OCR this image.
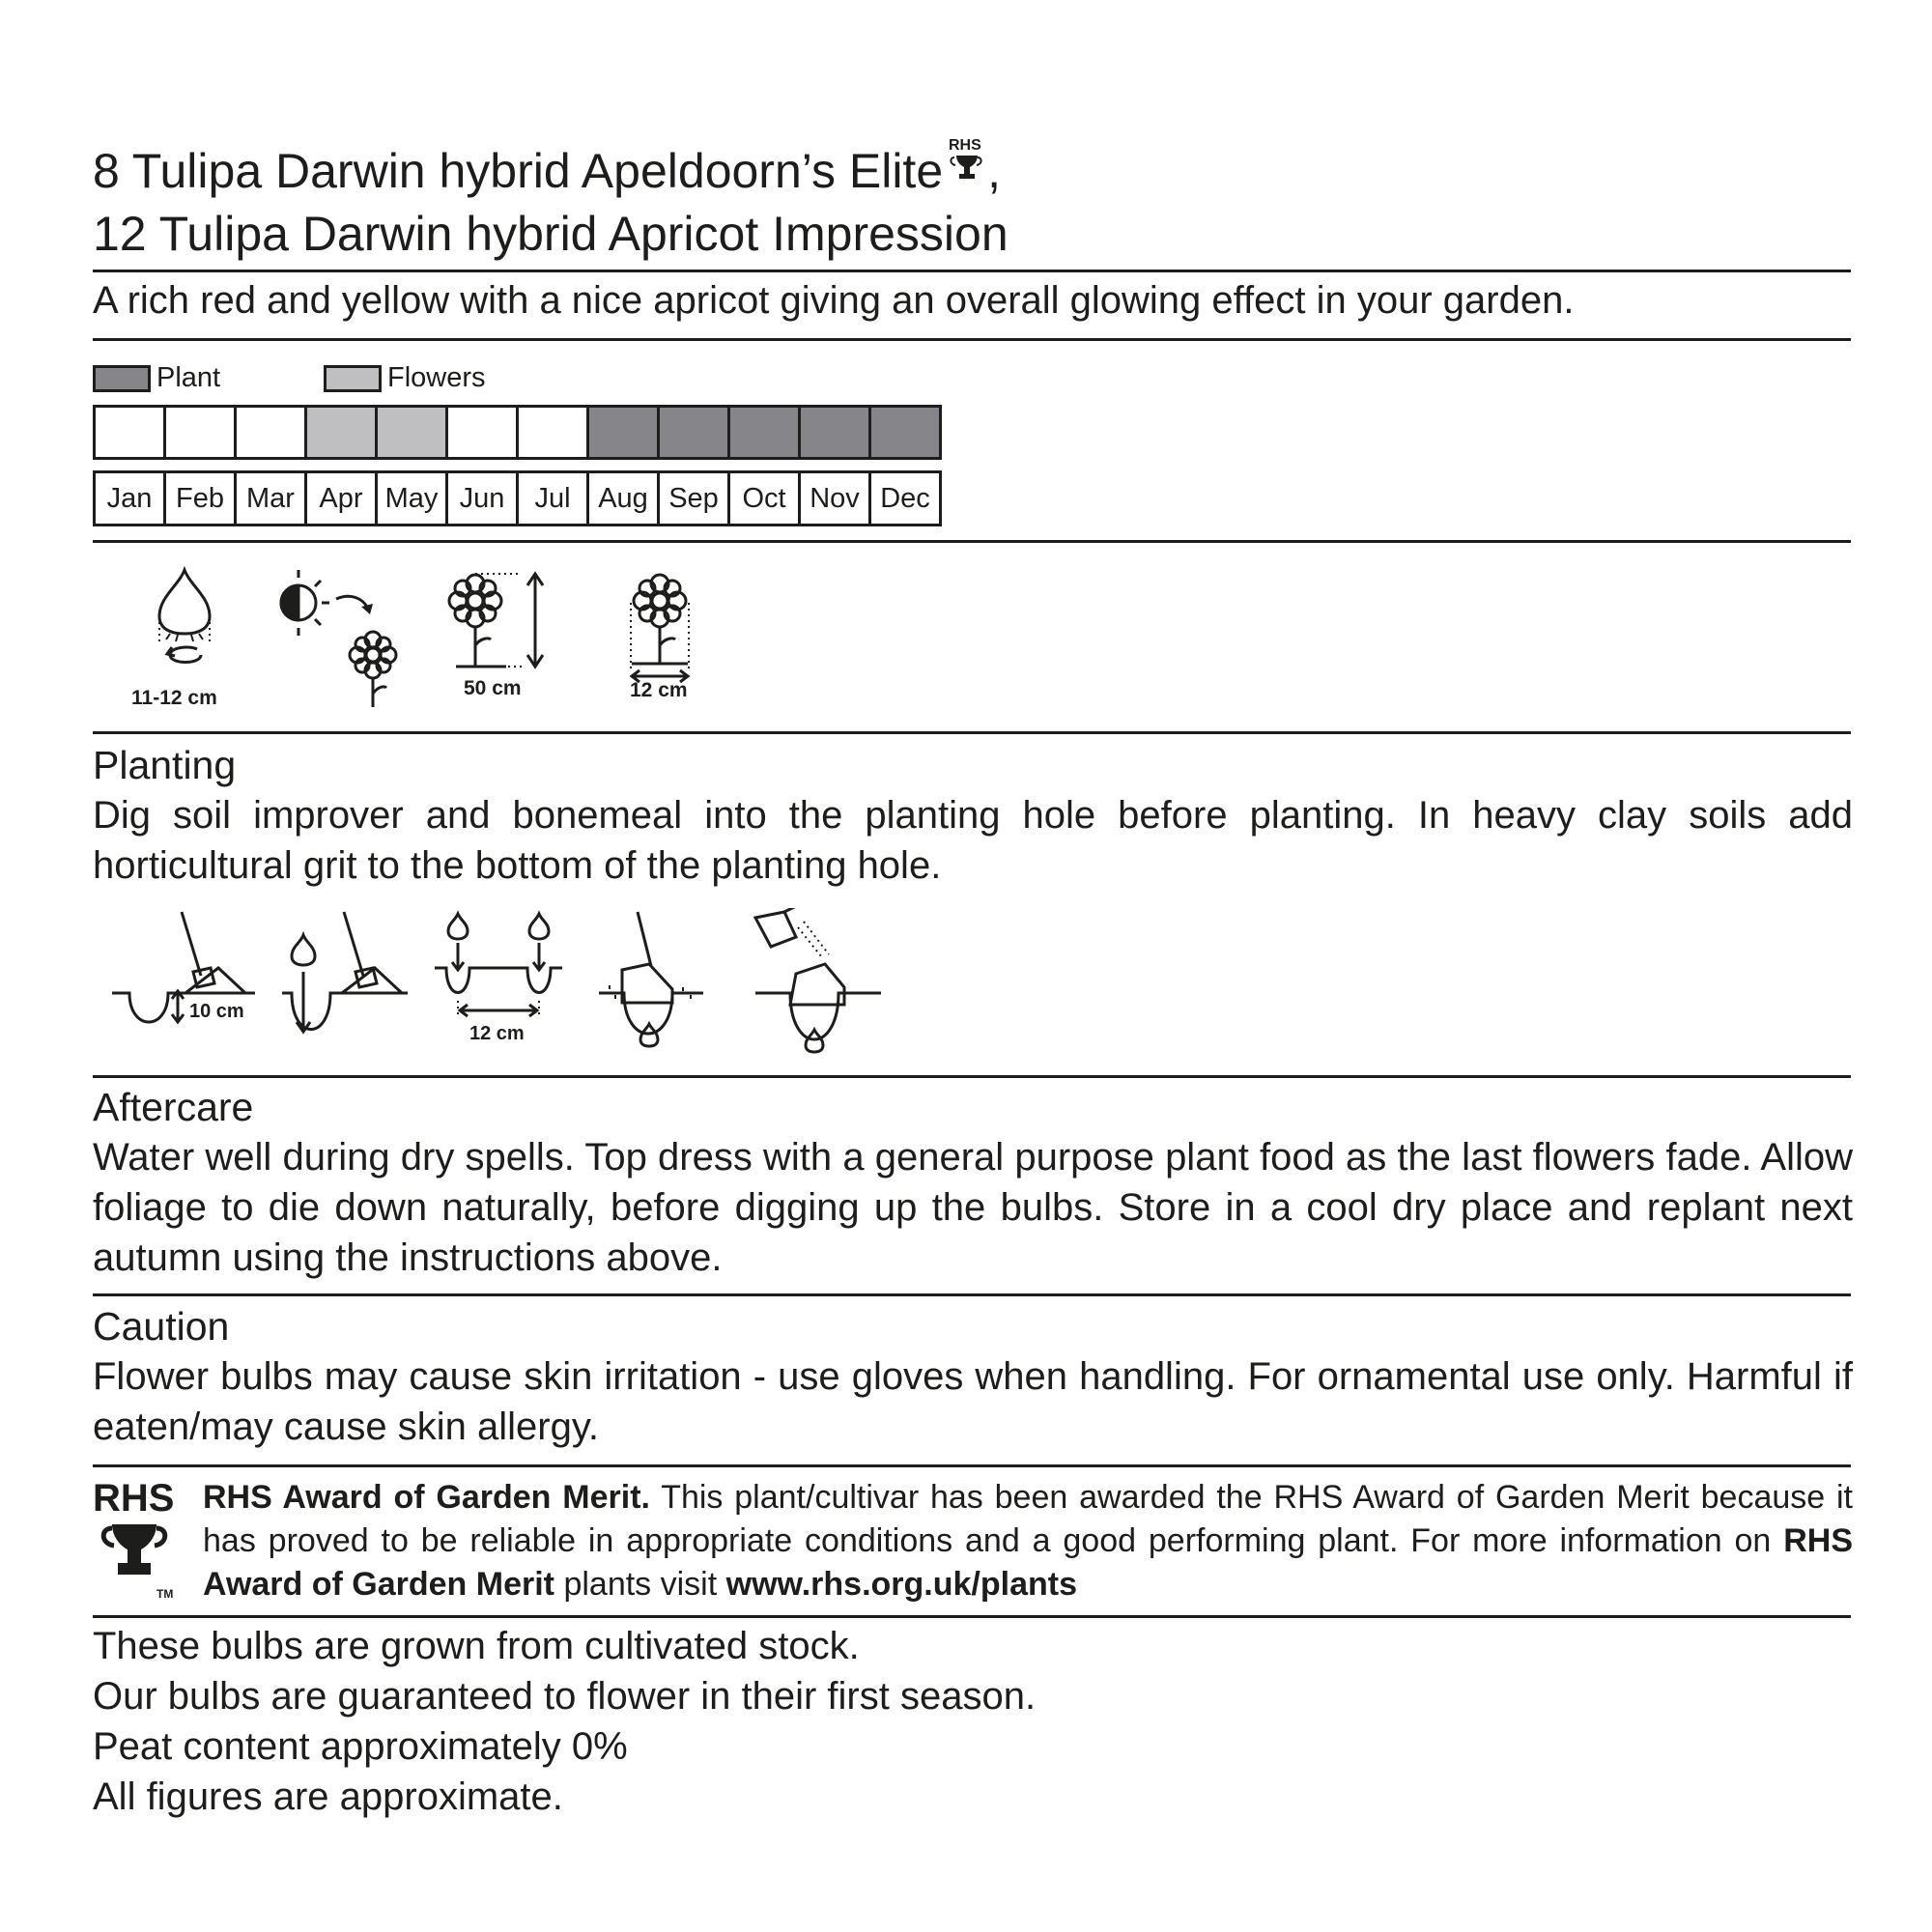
8 Tulipa Darwin hybrid Apeldoorn’s Elite RHS ,
12 Tulipa Darwin hybrid Apricot Impression
A rich red and yellow with a nice apricot giving an overall glowing effect in your garden.
Plant	Flowers
Jan Feb Mar Apr May Jun	Jul Aug Sep Oct Nov Dec
11-12 cm	50 cm	12 cm
Planting
Dig soil improver and bonemeal into the planting hole before planting. In heavy clay soils add horticultural grit to the bottom of the planting hole.
10 cm
12 cm
Aftercare
Water well during dry spells. Top dress with a general purpose plant food as the last flowers fade. Allow foliage to die down naturally, before digging up the bulbs. Store in a cool dry place and replant next autumn using the instructions above.
Caution
Flower bulbs may cause skin irritation - use gloves when handling. For ornamental use only. Harmful if eaten/may cause skin allergy.
RHS
TM
RHS Award of Garden Merit. This plant/cultivar has been awarded the RHS Award of Garden Merit because it has proved to be reliable in appropriate conditions and a good performing plant. For more information on RHS Award of Garden Merit plants visit www.rhs.org.uk/plants
These bulbs are grown from cultivated stock.
Our bulbs are guaranteed to flower in their first season.
Peat content approximately 0%
All figures are approximate.
